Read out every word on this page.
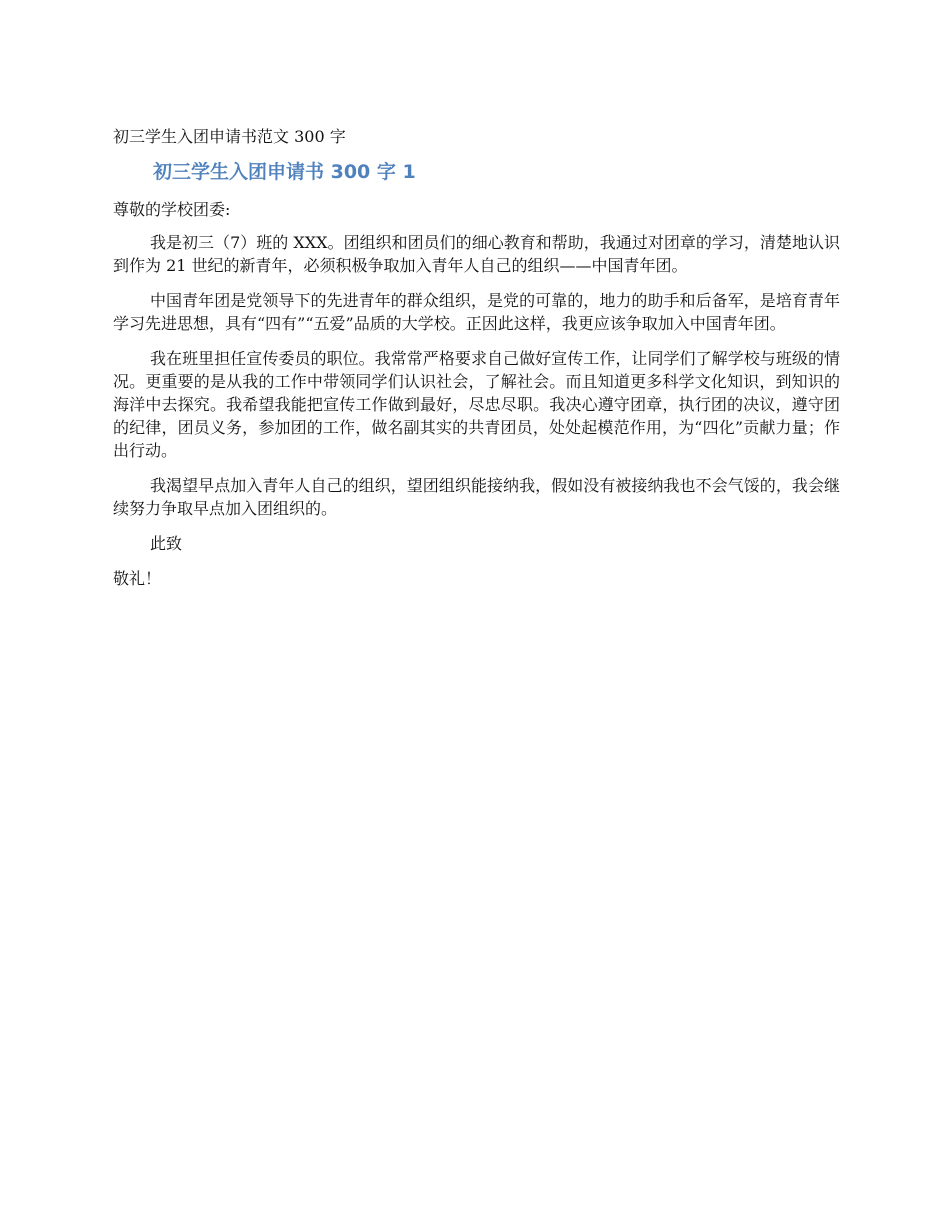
初三学生入团申请书范文 300 字

初三学生入团申请书 300 字 1

尊敬的学校团委:

我是初三（7）班的 XXX。团组织和团员们的细心教育和帮助，我通过对团章的学习，清楚地认识到作为 21 世纪的新青年，必须积极争取加入青年人自己的组织——中国青年团。

中国青年团是党领导下的先进青年的群众组织，是党的可靠的，地力的助手和后备军，是培育青年学习先进思想，具有“四有”“五爱”品质的大学校。正因此这样，我更应该争取加入中国青年团。

我在班里担任宣传委员的职位。我常常严格要求自己做好宣传工作，让同学们了解学校与班级的情况。更重要的是从我的工作中带领同学们认识社会，了解社会。而且知道更多科学文化知识，到知识的海洋中去探究。我希望我能把宣传工作做到最好，尽忠尽职。我决心遵守团章，执行团的决议，遵守团的纪律，团员义务，参加团的工作，做名副其实的共青团员，处处起模范作用，为“四化”贡献力量；作出行动。

我渴望早点加入青年人自己的组织，望团组织能接纳我，假如没有被接纳我也不会气馁的，我会继续努力争取早点加入团组织的。

此致

敬礼！
